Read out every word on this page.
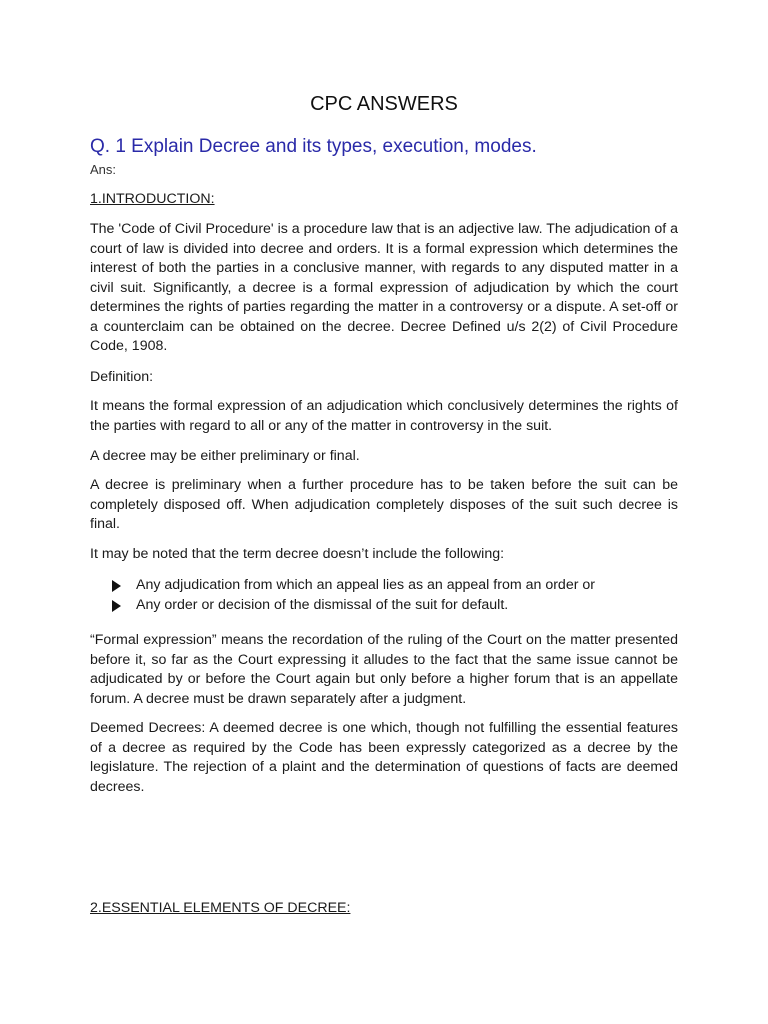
CPC ANSWERS
Q. 1 Explain Decree and its types, execution, modes.
Ans:

1.INTRODUCTION:

The 'Code of Civil Procedure' is a procedure law that is an adjective law. The adjudication of a court of law is divided into decree and orders. It is a formal expression which determines the interest of both the parties in a conclusive manner, with regards to any disputed matter in a civil suit. Significantly, a decree is a formal expression of adjudication by which the court determines the rights of parties regarding the matter in a controversy or a dispute. A set-off or a counterclaim can be obtained on the decree. Decree Defined u/s 2(2) of Civil Procedure Code, 1908.

Definition:

It means the formal expression of an adjudication which conclusively determines the rights of the parties with regard to all or any of the matter in controversy in the suit.

A decree may be either preliminary or final.

A decree is preliminary when a further procedure has to be taken before the suit can be completely disposed off. When adjudication completely disposes of the suit such decree is final.

It may be noted that the term decree doesn’t include the following:

Any adjudication from which an appeal lies as an appeal from an order or
Any order or decision of the dismissal of the suit for default.

“Formal expression” means the recordation of the ruling of the Court on the matter presented before it, so far as the Court expressing it alludes to the fact that the same issue cannot be adjudicated by or before the Court again but only before a higher forum that is an appellate forum. A decree must be drawn separately after a judgment.

Deemed Decrees: A deemed decree is one which, though not fulfilling the essential features of a decree as required by the Code has been expressly categorized as a decree by the legislature. The rejection of a plaint and the determination of questions of facts are deemed decrees.

2.ESSENTIAL ELEMENTS OF DECREE:
